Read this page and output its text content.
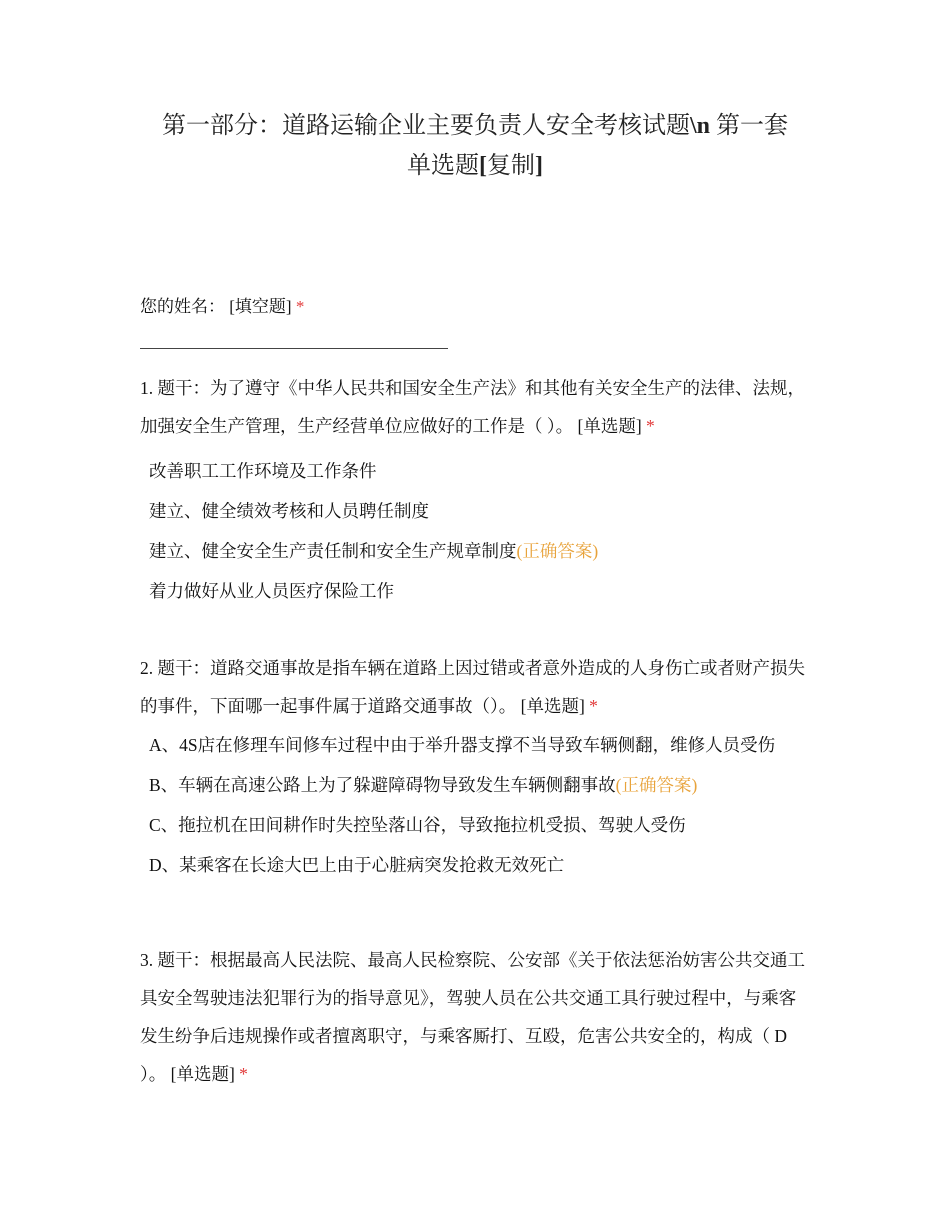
第一部分：道路运输企业主要负责人安全考核试题\n 第一套
单选题[复制]
您的姓名： [填空题] *
1. 题干：为了遵守《中华人民共和国安全生产法》和其他有关安全生产的法律、法规，加强安全生产管理，生产经营单位应做好的工作是（ ）。 [单选题] *
改善职工工作环境及工作条件
建立、健全绩效考核和人员聘任制度
建立、健全安全生产责任制和安全生产规章制度(正确答案)
着力做好从业人员医疗保险工作
2. 题干：道路交通事故是指车辆在道路上因过错或者意外造成的人身伤亡或者财产损失的事件，下面哪一起事件属于道路交通事故（）。 [单选题] *
A、4S店在修理车间修车过程中由于举升器支撑不当导致车辆侧翻，维修人员受伤
B、车辆在高速公路上为了躲避障碍物导致发生车辆侧翻事故(正确答案)
C、拖拉机在田间耕作时失控坠落山谷，导致拖拉机受损、驾驶人受伤
D、某乘客在长途大巴上由于心脏病突发抢救无效死亡
3. 题干：根据最高人民法院、最高人民检察院、公安部《关于依法惩治妨害公共交通工具安全驾驶违法犯罪行为的指导意见》，驾驶人员在公共交通工具行驶过程中，与乘客发生纷争后违规操作或者擅离职守，与乘客厮打、互殴，危害公共安全的，构成（ D ）。 [单选题] *
